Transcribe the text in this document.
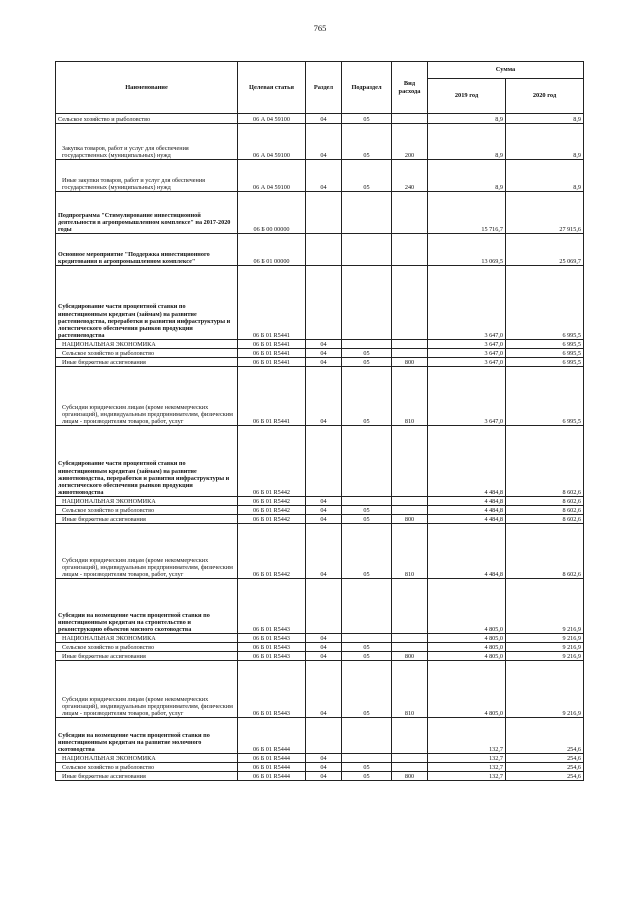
765
Наименование	Целевая статья	Раздел	Подраздел	Вид расхода	Сумма	
					2019 год	2020 год
Сельское хозяйство и рыболовство	06 А 04 59100	04	05		8,9	8,9
Закупка товаров, работ и услуг для обеспечения государственных (муниципальных) нужд	06 А 04 59100	04	05	200	8,9	8,9
Иные закупки товаров, работ и услуг для обеспечения государственных (муниципальных) нужд	06 А 04 59100	04	05	240	8,9	8,9
Подпрограмма "Стимулирование инвестиционной деятельности в агропромышленном комплексе" на 2017-2020 годы	06 Б 00 00000				15 716,7	27 915,6
Основное мероприятие "Поддержка инвестиционного кредитования в агропромышленном комплексе"	06 Б 01 00000				13 069,5	25 069,7
Субсидирование части процентной ставки по инвестиционным кредитам (займам) на развитие растениеводства, переработки и развития инфраструктуры и логистического обеспечения рынков продукции растениеводства	06 Б 01 R5441				3 647,0	6 995,5
НАЦИОНАЛЬНАЯ ЭКОНОМИКА	06 Б 01 R5441	04			3 647,0	6 995,5
Сельское хозяйство и рыболовство	06 Б 01 R5441	04	05		3 647,0	6 995,5
Иные бюджетные ассигнования	06 Б 01 R5441	04	05	800	3 647,0	6 995,5
Субсидии юридическим лицам (кроме некоммерческих организаций), индивидуальным предпринимателям, физическим лицам - производителям товаров, работ, услуг	06 Б 01 R5441	04	05	810	3 647,0	6 995,5
Субсидирование части процентной ставки по инвестиционным кредитам (займам) на развитие животноводства, переработки и развития инфраструктуры и логистического обеспечения рынков продукции животноводства	06 Б 01 R5442				4 484,8	8 602,6
НАЦИОНАЛЬНАЯ ЭКОНОМИКА	06 Б 01 R5442	04			4 484,8	8 602,6
Сельское хозяйство и рыболовство	06 Б 01 R5442	04	05		4 484,8	8 602,6
Иные бюджетные ассигнования	06 Б 01 R5442	04	05	800	4 484,8	8 602,6
Субсидии юридическим лицам (кроме некоммерческих организаций), индивидуальным предпринимателям, физическим лицам - производителям товаров, работ, услуг	06 Б 01 R5442	04	05	810	4 484,8	8 602,6
Субсидии на возмещение части процентной ставки по инвестиционным кредитам на строительство и реконструкцию объектов мясного скотоводства	06 Б 01 R5443				4 805,0	9 216,9
НАЦИОНАЛЬНАЯ ЭКОНОМИКА	06 Б 01 R5443	04			4 805,0	9 216,9
Сельское хозяйство и рыболовство	06 Б 01 R5443	04	05		4 805,0	9 216,9
Иные бюджетные ассигнования	06 Б 01 R5443	04	05	800	4 805,0	9 216,9
Субсидии юридическим лицам (кроме некоммерческих организаций), индивидуальным предпринимателям, физическим лицам - производителям товаров, работ, услуг	06 Б 01 R5443	04	05	810	4 805,0	9 216,9
Субсидии на возмещение части процентной ставки по инвестиционным кредитам на развитие молочного скотоводства	06 Б 01 R5444				132,7	254,6
НАЦИОНАЛЬНАЯ ЭКОНОМИКА	06 Б 01 R5444	04			132,7	254,6
Сельское хозяйство и рыболовство	06 Б 01 R5444	04	05		132,7	254,6
Иные бюджетные ассигнования	06 Б 01 R5444	04	05	800	132,7	254,6
